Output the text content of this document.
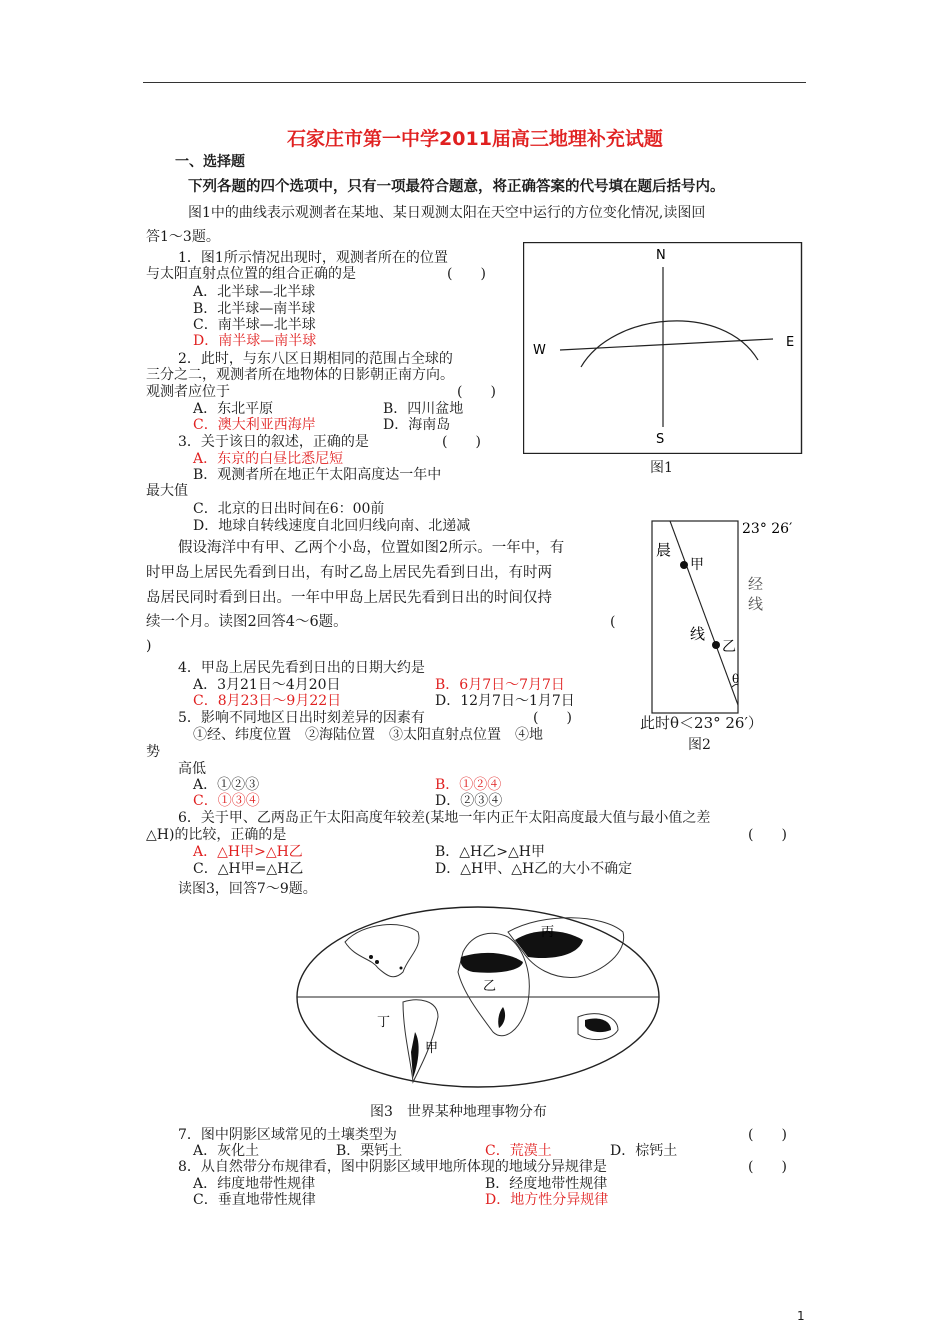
石家庄市第一中学2011届高三地理补充试题
一、选择题
下列各题的四个选项中，只有一项最符合题意，将正确答案的代号填在题后括号内。
图1中的曲线表示观测者在某地、某日观测太阳在天空中运行的方位变化情况,读图回
答1～3题。
1．图1所示情况出现时，观测者所在的位置
与太阳直射点位置的组合正确的是	(　　)
A．北半球—北半球
B．北半球—南半球
C．南半球—北半球
D．南半球—南半球
2．此时，与东八区日期相同的范围占全球的
三分之二，观测者所在地物体的日影朝正南方向。
观测者应位于	(　　)
A．东北平原	B．四川盆地
C．澳大利亚西海岸	D．海南岛
3．关于该日的叙述，正确的是	(　　)
A．东京的白昼比悉尼短
B．观测者所在地正午太阳高度达一年中
最大值
C．北京的日出时间在6：00前
D．地球自转线速度自北回归线向南、北递减
假设海洋中有甲、乙两个小岛，位置如图2所示。一年中，有
时甲岛上居民先看到日出，有时乙岛上居民先看到日出，有时两
岛居民同时看到日出。一年中甲岛上居民先看到日出的时间仅持
续一个月。读图2回答4～6题。	(
)
4．甲岛上居民先看到日出的日期大约是
A．3月21日～4月20日	B．6月7日～7月7日
C．8月23日～9月22日	D．12月7日～1月7日
5．影响不同地区日出时刻差异的因素有	(　　)
①经、纬度位置　②海陆位置　③太阳直射点位置　④地
势
高低
A．①②③	B．①②④
C．①③④	D．②③④
6．关于甲、乙两岛正午太阳高度年较差(某地一年内正午太阳高度最大值与最小值之差
△H)的比较，正确的是	(　　)
A．△H甲>△H乙	B．△H乙>△H甲
C．△H甲=△H乙	D．△H甲、△H乙的大小不确定
读图3，回答7～9题。
7．图中阴影区域常见的土壤类型为	(　　)
A．灰化土	B．栗钙土	C．荒漠土	D．棕钙土
8．从自然带分布规律看，图中阴影区域甲地所体现的地域分异规律是	(　　)
A．纬度地带性规律	B．经度地带性规律
C．垂直地带性规律	D．地方性分异规律
N
S
W
E
图1
23° 26′
晨
甲
线
乙
θ
经
线
此时θ＜23° 26′）
图2
丙
乙
丁
甲
图3　世界某种地理事物分布
1
